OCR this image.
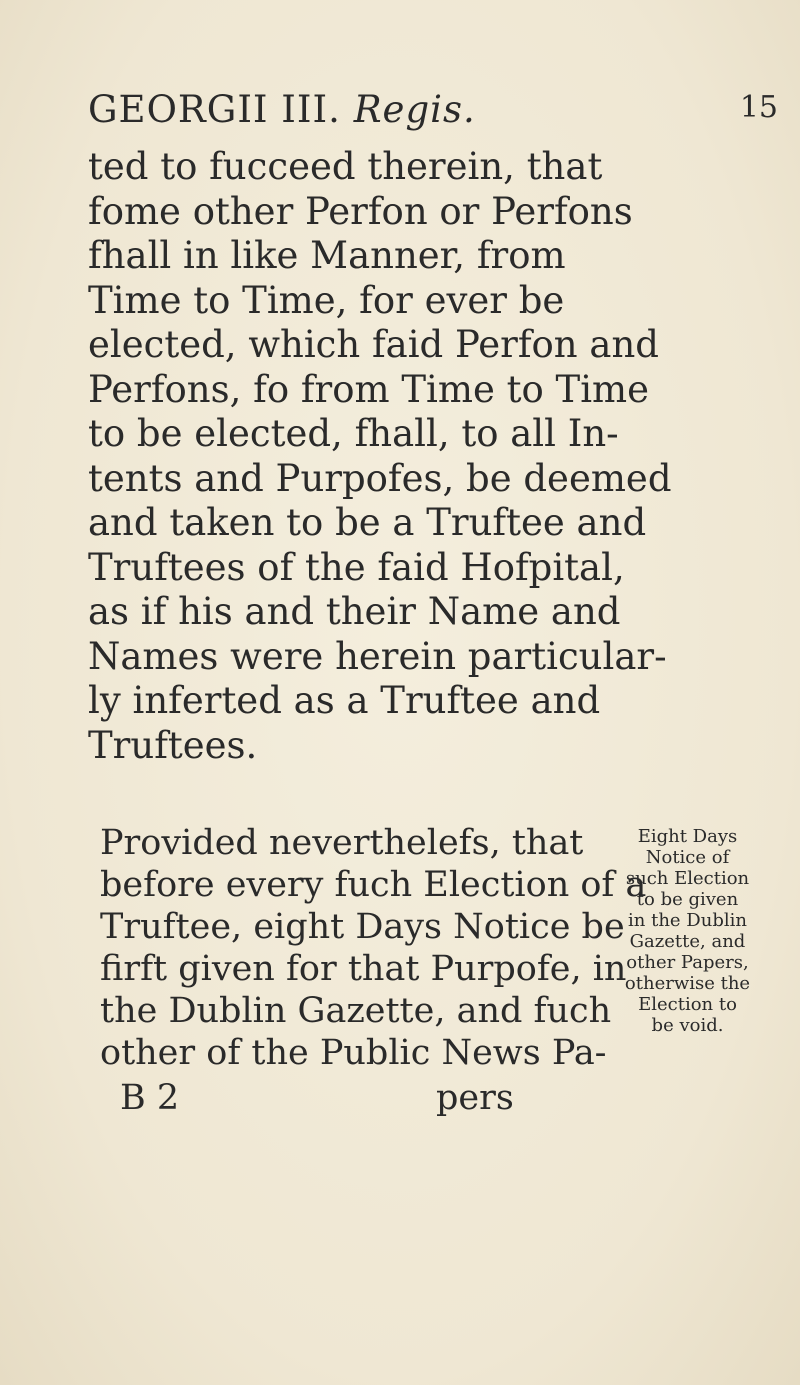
GEORGII III. Regis.	15
ted to fucceed therein, that
fome other Perfon or Perfons
fhall in like Manner, from
Time to Time, for ever be
elected, which faid Perfon and
Perfons, fo from Time to Time
to be elected, fhall, to all In-
tents and Purpofes, be deemed
and taken to be a Truftee and
Truftees of the faid Hofpital,
as if his and their Name and
Names were herein particular-
ly inferted as a Truftee and
Truftees.
Provided neverthelefs, that
before every fuch Election of a
Truftee, eight Days Notice be
firft given for that Purpofe, in
the Dublin Gazette, and fuch
other of the Public News Pa-
Eight Days
Notice of
such Election
to be given
in the Dublin
Gazette, and
other Papers,
otherwise the
Election to
be void.
B 2	pers
